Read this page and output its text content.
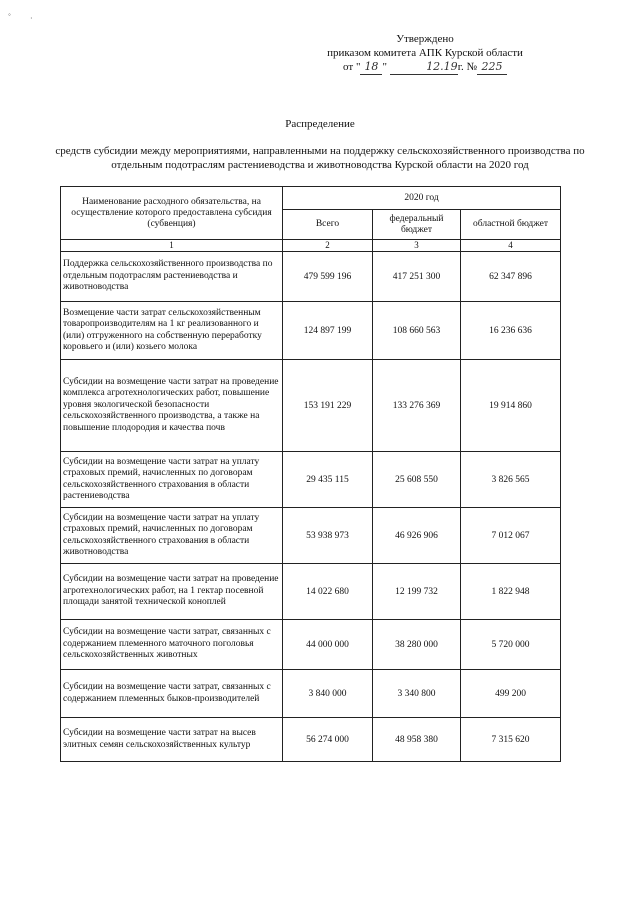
Утверждено
приказом комитета АПК Курской области
от " 18 "	12.19г. № 225
Распределение
средств субсидии между мероприятиями, направленными на поддержку сельскохозяйственного производства по отдельным подотраслям растениеводства и животноводства Курской области на 2020 год
Наименование расходного обязательства, на осуществление которого предоставлена субсидия (субвенция)	2020 год		
	Всего	федеральный бюджет	областной бюджет
1	2	3	4
Поддержка сельскохозяйственного производства по отдельным подотраслям растениеводства и животноводства	479 599 196	417 251 300	62 347 896
Возмещение части затрат сельскохозяйственным товаропроизводителям на 1 кг реализованного и (или) отгруженного на собственную переработку коровьего и (или) козьего молока	124 897 199	108 660 563	16 236 636
Субсидии на возмещение части затрат на проведение комплекса агротехнологических работ, повышение уровня экологической безопасности сельскохозяйственного производства, а также на повышение плодородия и качества почв	153 191 229	133 276 369	19 914 860
Субсидии на возмещение части затрат на уплату страховых премий, начисленных по договорам сельскохозяйственного страхования в области растениеводства	29 435 115	25 608 550	3 826 565
Субсидии на возмещение части затрат на уплату страховых премий, начисленных по договорам сельскохозяйственного страхования в области животноводства	53 938 973	46 926 906	7 012 067
Субсидии на возмещение части затрат на проведение агротехнологических работ, на 1 гектар посевной площади занятой технической коноплей	14 022 680	12 199 732	1 822 948
Субсидии на возмещение части затрат, связанных с содержанием племенного маточного поголовья сельскохозяйственных животных	44 000 000	38 280 000	5 720 000
Субсидии на возмещение части затрат, связанных с содержанием племенных быков-производителей	3 840 000	3 340 800	499 200
Субсидии на возмещение части затрат на высев элитных семян сельскохозяйственных культур	56 274 000	48 958 380	7 315 620
◦ ·
